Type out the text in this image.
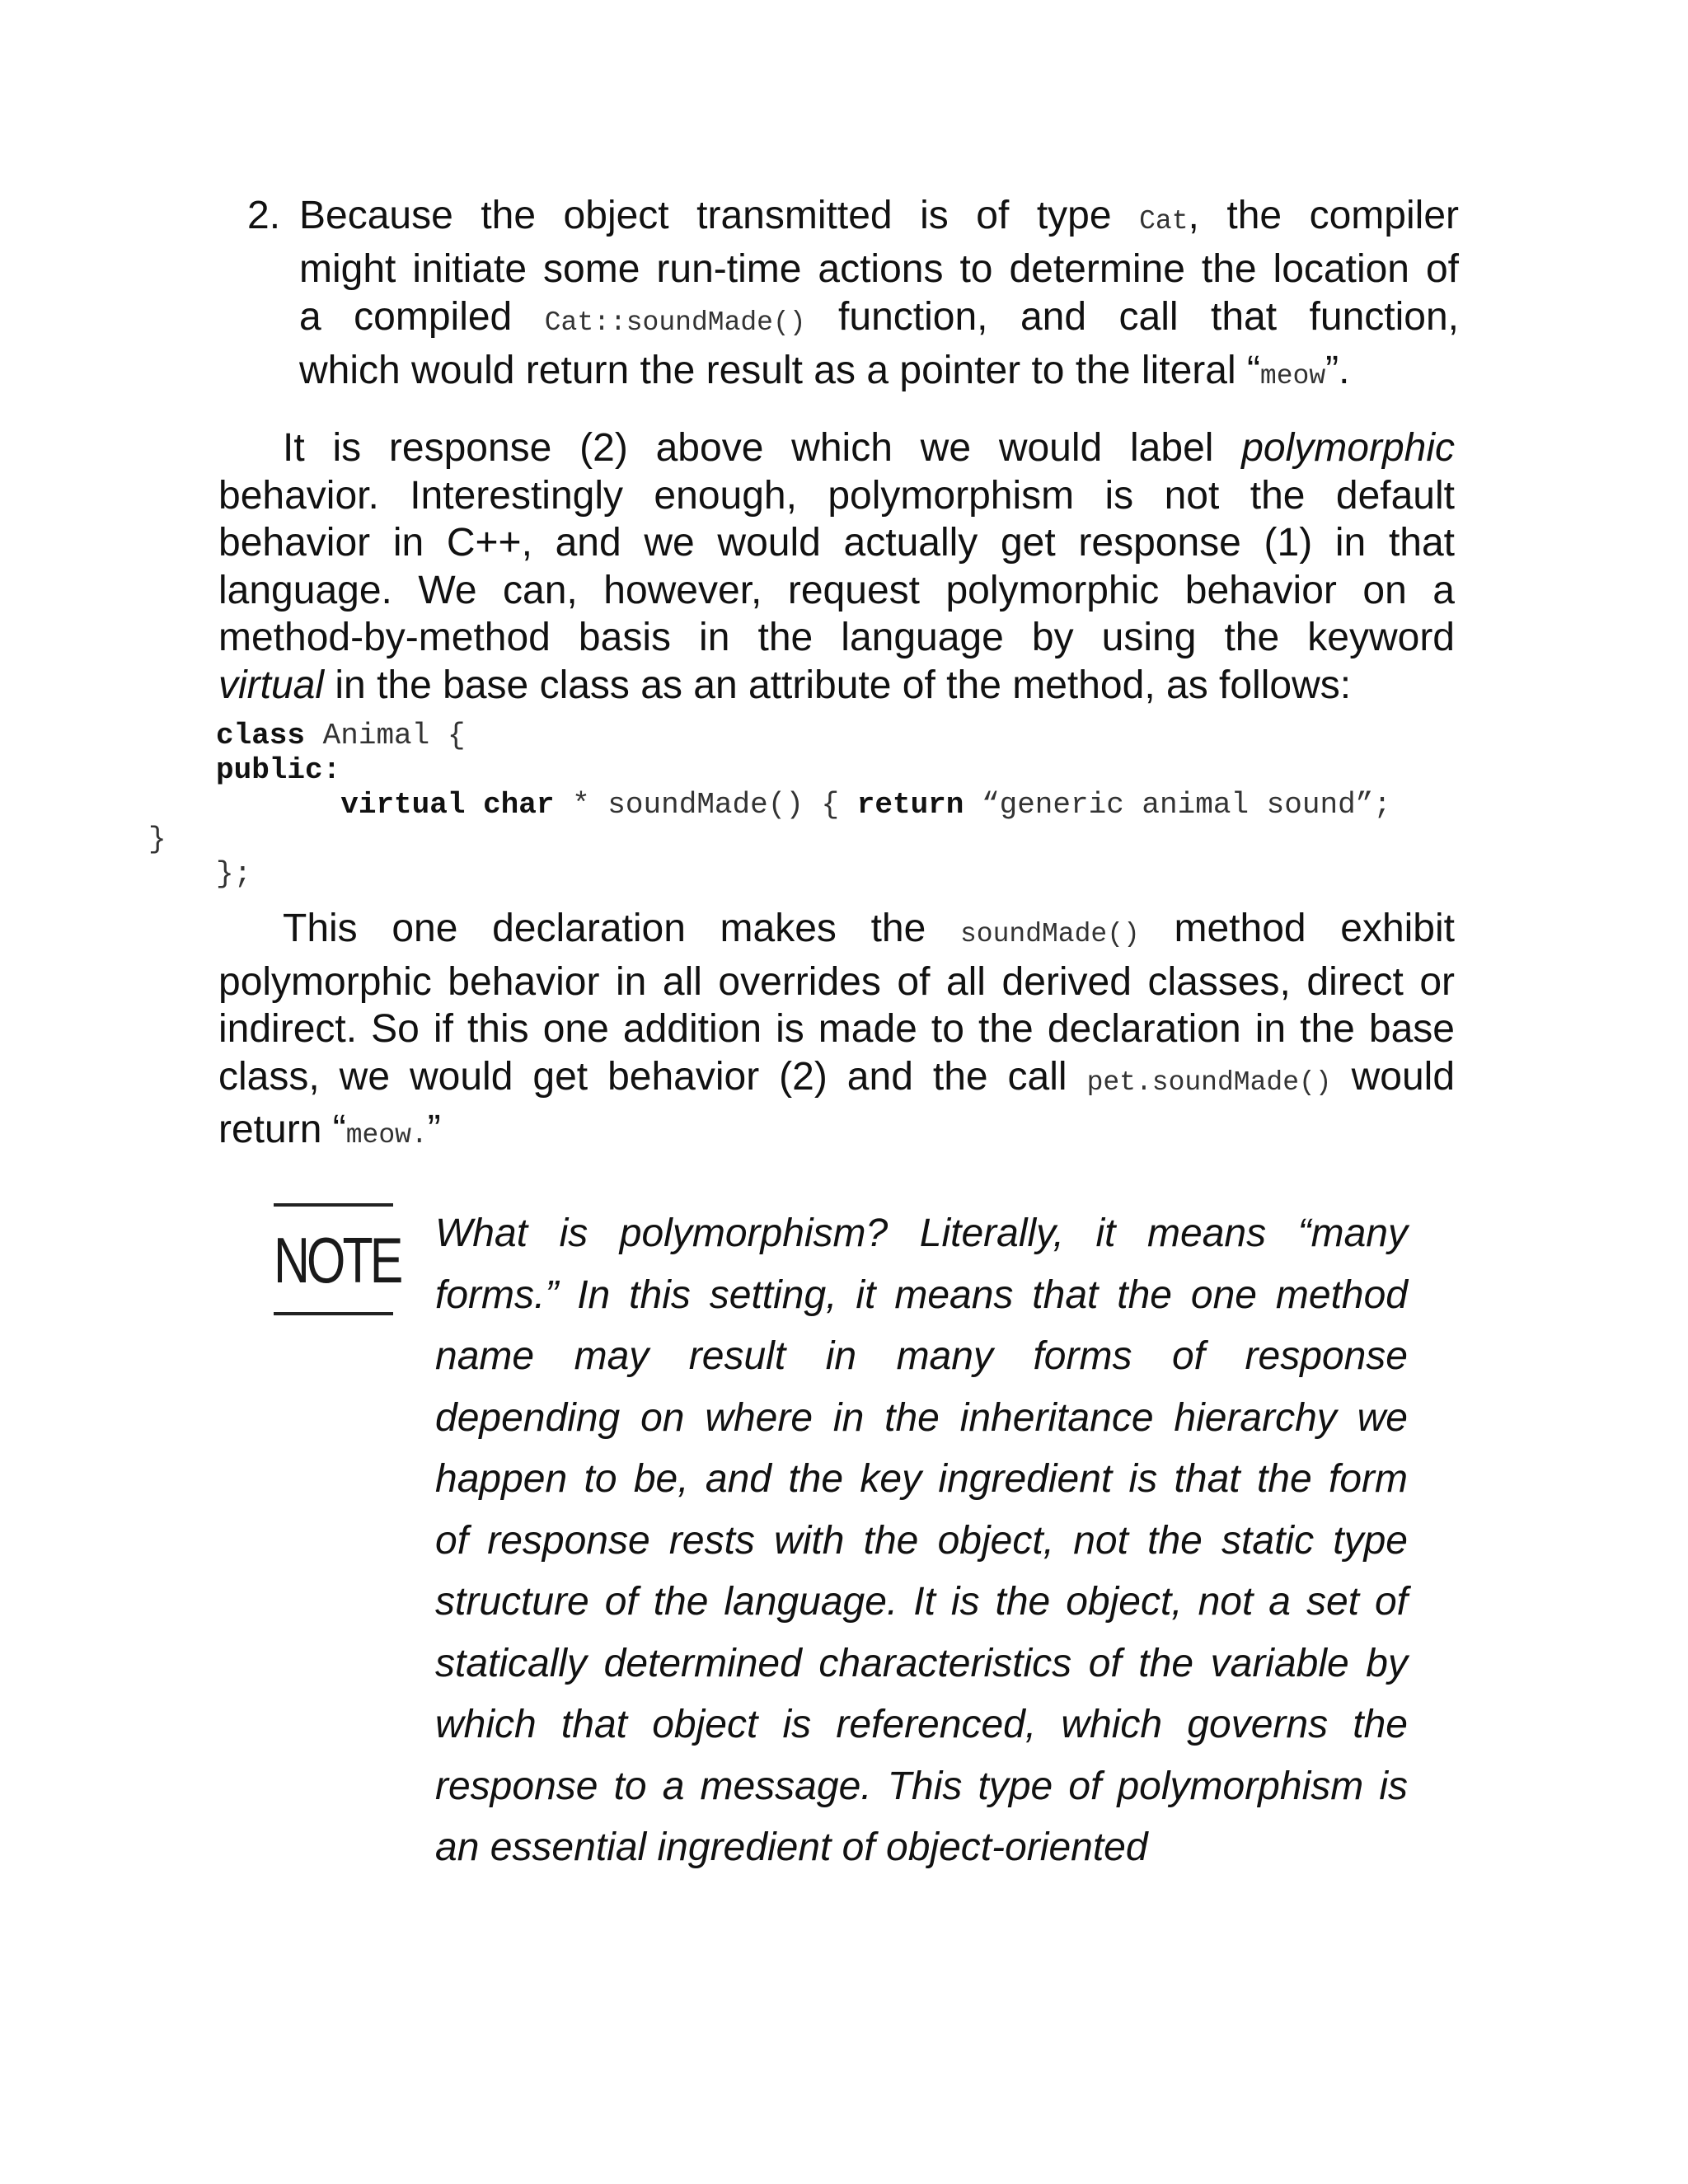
2. Because the object transmitted is of type Cat, the compiler
might initiate some run-time actions to determine the location of
a compiled Cat::soundMade() function, and call that function,
which would return the result as a pointer to the literal “meow”.
It is response (2) above which we would label polymorphic
behavior. Interestingly enough, polymorphism is not the default
behavior in C++, and we would actually get response (1) in that
language. We can, however, request polymorphic behavior on a
method-by-method basis in the language by using the keyword
virtual in the base class as an attribute of the method, as follows:
class Animal {
public:
virtual char * soundMade() { return “generic animal sound”;
}
};
This one declaration makes the soundMade() method exhibit
polymorphic behavior in all overrides of all derived classes, direct or
indirect. So if this one addition is made to the declaration in the base
class, we would get behavior (2) and the call pet.soundMade() would
return “meow.”
NOTE What is polymorphism? Literally, it means “many
forms.” In this setting, it means that the one method
name may result in many forms of response
depending on where in the inheritance hierarchy we
happen to be, and the key ingredient is that the form
of response rests with the object, not the static type
structure of the language. It is the object, not a set of
statically determined characteristics of the variable by
which that object is referenced, which governs the
response to a message. This type of polymorphism is
an essential ingredient of object-oriented
